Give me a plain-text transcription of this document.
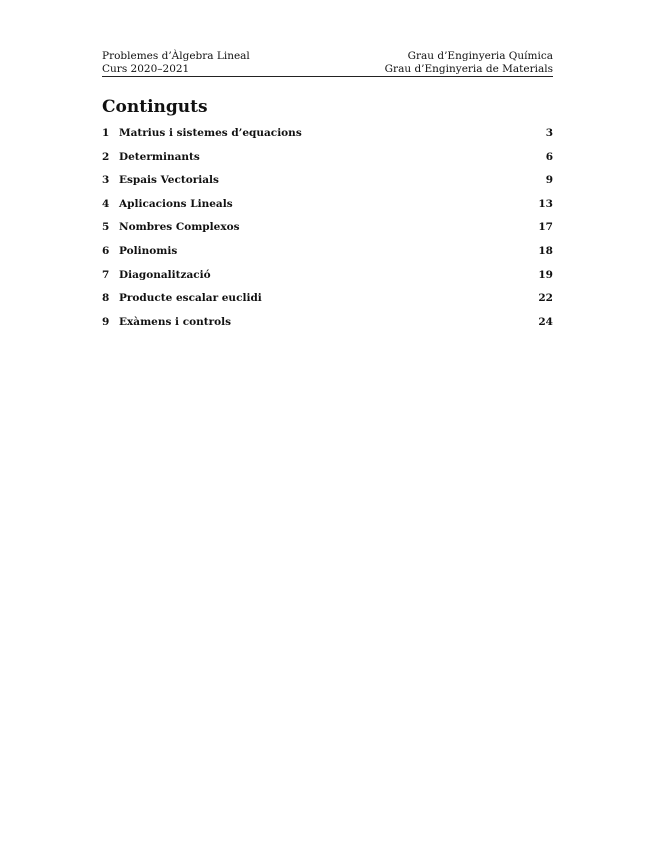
Problemes d’Àlgebra Lineal
Curs 2020–2021
Grau d’Enginyeria Química
Grau d’Enginyeria de Materials
Continguts
1 Matrius i sistemes d’equacions	3
2 Determinants	6
3 Espais Vectorials	9
4 Aplicacions Lineals	13
5 Nombres Complexos	17
6 Polinomis	18
7 Diagonalització	19
8 Producte escalar euclidi	22
9 Exàmens i controls	24
